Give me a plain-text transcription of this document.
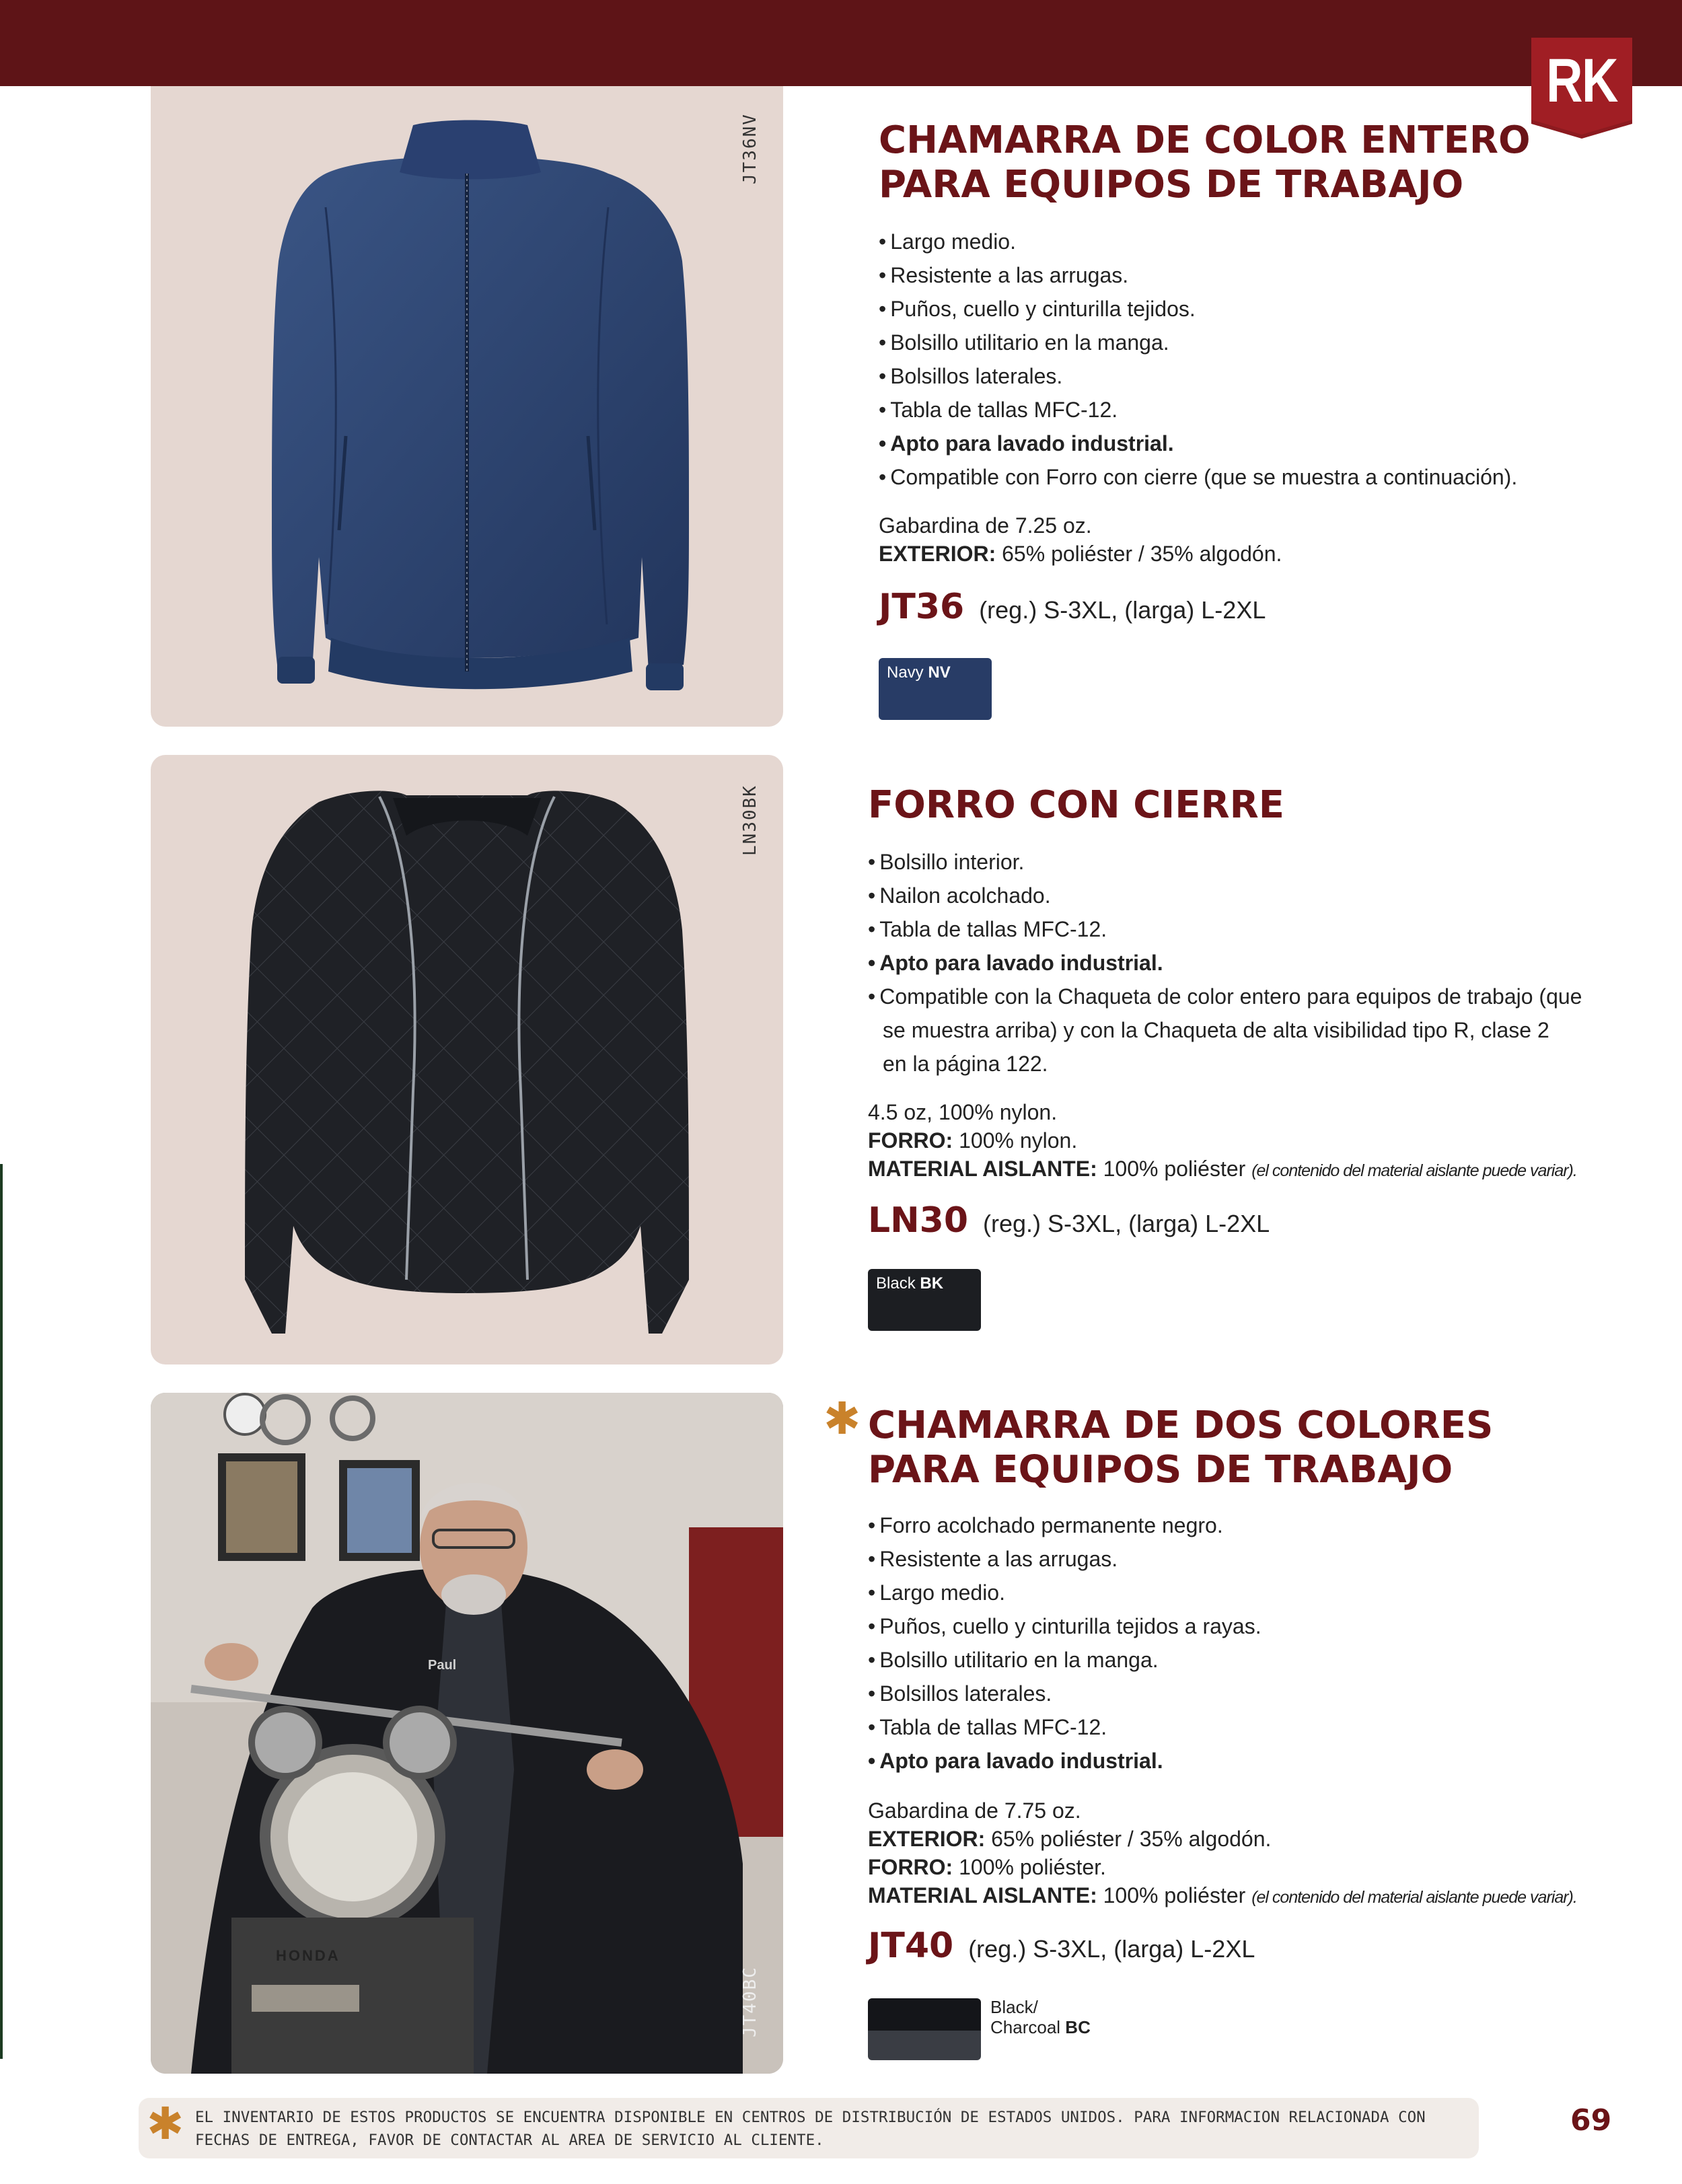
RK
JT36NV	CHAMARRA DE COLOR ENTERO
PARA EQUIPOS DE TRABAJO
• Largo medio.
• Resistente a las arrugas.
• Puños, cuello y cinturilla tejidos.
• Bolsillo utilitario en la manga.
• Bolsillos laterales.
• Tabla de tallas MFC-12.
• Apto para lavado industrial.
• Compatible con Forro con cierre (que se muestra a continuación).
Gabardina de 7.25 oz.
EXTERIOR: 65% poliéster / 35% algodón.
JT36 (reg.) S-3XL, (larga) L-2XL
Navy NV
LN30BK	FORRO CON CIERRE
• Bolsillo interior.
• Nailon acolchado.
• Tabla de tallas MFC-12.
• Apto para lavado industrial.
• Compatible con la Chaqueta de color entero para equipos de trabajo (que
se muestra arriba) y con la Chaqueta de alta visibilidad tipo R, clase 2
en la página 122.
4.5 oz, 100% nylon.
FORRO: 100% nylon.
MATERIAL AISLANTE: 100% poliéster (el contenido del material aislante puede variar).
LN30 (reg.) S-3XL, (larga) L-2XL
Black BK
Paul
HONDA
JT40BC
✱ CHAMARRA DE DOS COLORES
PARA EQUIPOS DE TRABAJO
• Forro acolchado permanente negro.
• Resistente a las arrugas.
• Largo medio.
• Puños, cuello y cinturilla tejidos a rayas.
• Bolsillo utilitario en la manga.
• Bolsillos laterales.
• Tabla de tallas MFC-12.
• Apto para lavado industrial.
Gabardina de 7.75 oz.
EXTERIOR: 65% poliéster / 35% algodón.
FORRO: 100% poliéster.
MATERIAL AISLANTE: 100% poliéster (el contenido del material aislante puede variar).
JT40 (reg.) S-3XL, (larga) L-2XL
Black/
Charcoal BC
✱ EL INVENTARIO DE ESTOS PRODUCTOS SE ENCUENTRA DISPONIBLE EN CENTROS DE DISTRIBUCIÓN DE ESTADOS UNIDOS. PARA INFORMACION RELACIONADA CON
FECHAS DE ENTREGA, FAVOR DE CONTACTAR AL AREA DE SERVICIO AL CLIENTE.
69
